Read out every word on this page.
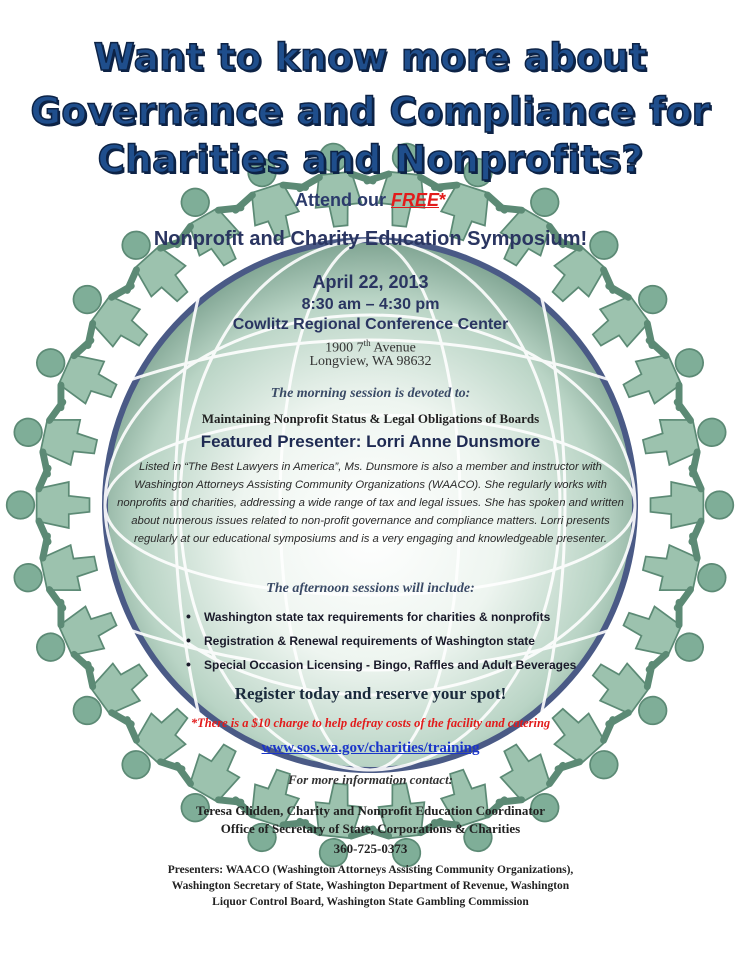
Want to know more about
Governance and Compliance for
Charities and Nonprofits?
Attend our FREE*
Nonprofit and Charity Education Symposium!
April 22, 2013
8:30 am – 4:30 pm
Cowlitz Regional Conference Center
1900 7th Avenue
Longview, WA 98632
The morning session is devoted to:
Maintaining Nonprofit Status & Legal Obligations of Boards
Featured Presenter: Lorri Anne Dunsmore
Listed in “The Best Lawyers in America”, Ms. Dunsmore is also a member and instructor with Washington Attorneys Assisting Community Organizations (WAACO). She regularly works with nonprofits and charities, addressing a wide range of tax and legal issues. She has spoken and written about numerous issues related to non-profit governance and compliance matters. Lorri presents regularly at our educational symposiums and is a very engaging and knowledgeable presenter.
The afternoon sessions will include:
• Washington state tax requirements for charities & nonprofits
• Registration & Renewal requirements of Washington state
• Special Occasion Licensing - Bingo, Raffles and Adult Beverages
Register today and reserve your spot!
*There is a $10 charge to help defray costs of the facility and catering
www.sos.wa.gov/charities/training
For more information contact:
Teresa Glidden, Charity and Nonprofit Education Coordinator
Office of Secretary of State, Corporations & Charities
360-725-0373
Presenters: WAACO (Washington Attorneys Assisting Community Organizations),
Washington Secretary of State, Washington Department of Revenue, Washington
Liquor Control Board, Washington State Gambling Commission
